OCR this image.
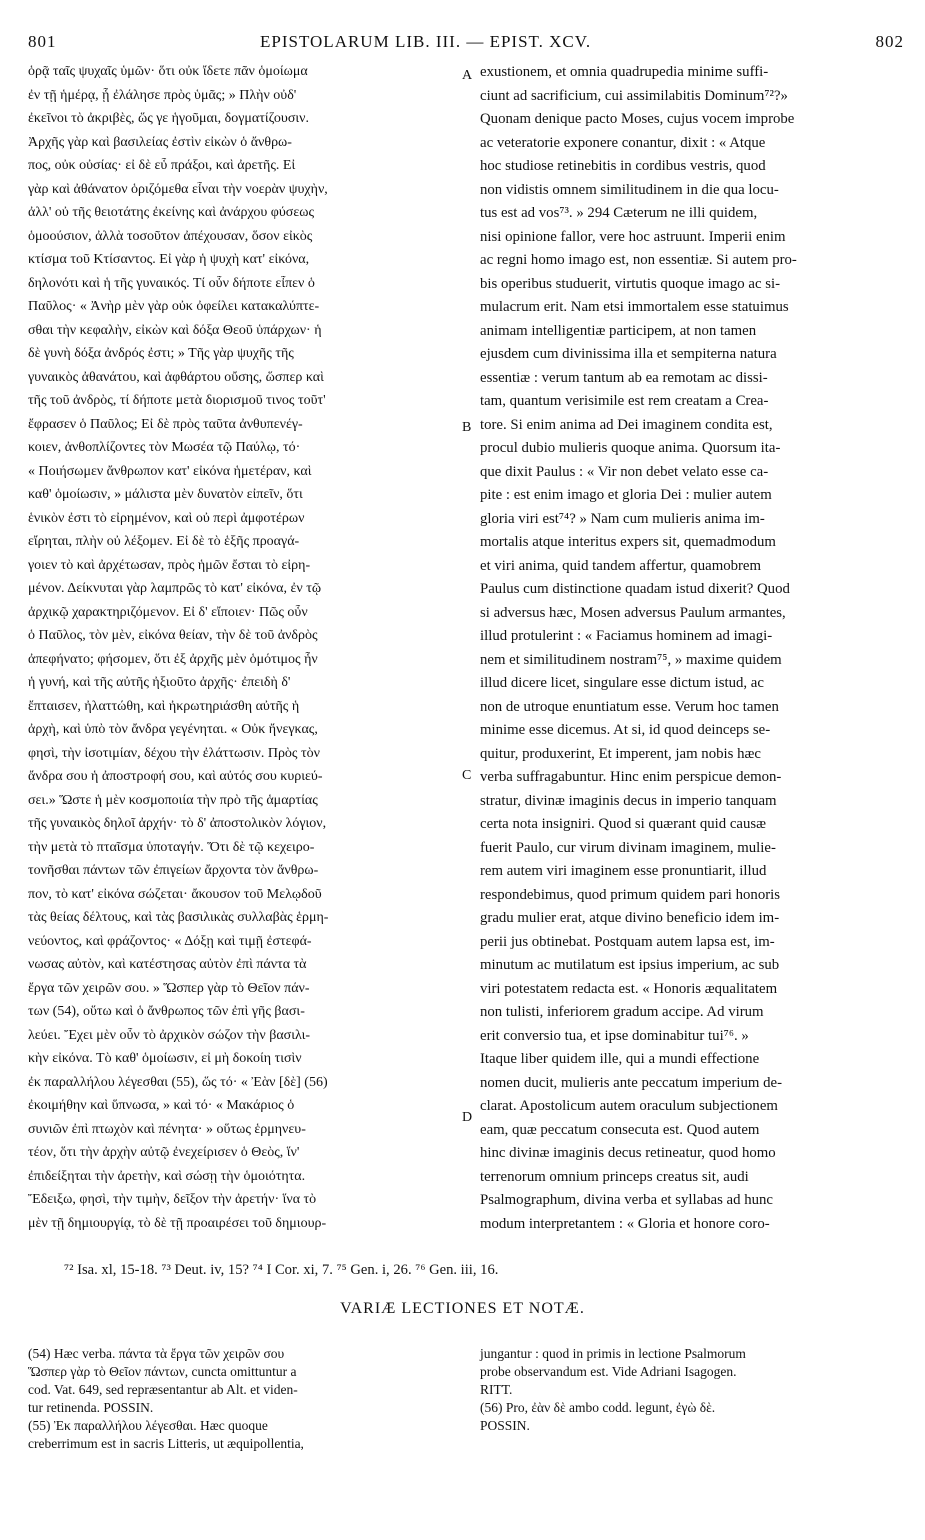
801	EPISTOLARUM LIB. III. — EPIST. XCV.	802
ὁρᾷ ταῖς ψυχαῖς ὑμῶν· ὅτι οὐκ ἴδετε πᾶν ὁμοίωμα
ἐν τῇ ἡμέρᾳ, ᾗ ἐλάλησε πρὸς ὑμᾶς; » Πλὴν οὐδ'
ἐκεῖνοι τὸ ἀκριβὲς, ὥς γε ἡγοῦμαι, δογματίζουσιν.
Ἀρχῆς γὰρ καὶ βασιλείας ἐστὶν εἰκὼν ὁ ἄνθρω-
πος, οὐκ οὐσίας· εἰ δὲ εὖ πράξοι, καὶ ἀρετῆς. Εἰ
γὰρ καὶ ἀθάνατον ὁριζόμεθα εἶναι τὴν νοερὰν ψυχὴν,
ἀλλ' οὐ τῆς θειοτάτης ἐκείνης καὶ ἀνάρχου φύσεως
ὁμοούσιον, ἀλλὰ τοσοῦτον ἀπέχουσαν, ὅσον εἰκὸς
κτίσμα τοῦ Κτίσαντος. Εἰ γὰρ ἡ ψυχὴ κατ' εἰκόνα,
δηλονότι καὶ ἡ τῆς γυναικός. Τί οὖν δήποτε εἶπεν ὁ
Παῦλος· « Ἀνὴρ μὲν γὰρ οὐκ ὀφείλει κατακαλύπτε-
σθαι τὴν κεφαλὴν, εἰκὼν καὶ δόξα Θεοῦ ὑπάρχων· ἡ
δὲ γυνὴ δόξα ἀνδρός ἐστι; » Τῆς γὰρ ψυχῆς τῆς
γυναικὸς ἀθανάτου, καὶ ἀφθάρτου οὔσης, ὥσπερ καὶ
τῆς τοῦ ἀνδρὸς, τί δήποτε μετὰ διορισμοῦ τινος τοῦτ'
ἔφρασεν ὁ Παῦλος; Εἰ δὲ πρὸς ταῦτα ἀνθυπενέγ-
κοιεν, ἀνθοπλίζοντες τὸν Μωσέα τῷ Παύλῳ, τό·
« Ποιήσωμεν ἄνθρωπον κατ' εἰκόνα ἡμετέραν, καὶ
καθ' ὁμοίωσιν, » μάλιστα μὲν δυνατὸν εἰπεῖν, ὅτι
ἑνικὸν ἐστι τὸ εἰρημένον, καὶ οὐ περὶ ἀμφοτέρων
εἴρηται, πλὴν οὐ λέξομεν. Εἰ δὲ τὸ ἑξῆς προαγά-
γοιεν τὸ καὶ ἀρχέτωσαν, πρὸς ἡμῶν ἔσται τὸ εἰρη-
μένον. Δείκνυται γὰρ λαμπρῶς τὸ κατ' εἰκόνα, ἐν τῷ
ἀρχικῷ χαρακτηριζόμενον. Εἰ δ' εἴποιεν· Πῶς οὖν
ὁ Παῦλος, τὸν μὲν, εἰκόνα θείαν, τὴν δὲ τοῦ ἀνδρὸς
ἀπεφήνατο; φήσομεν, ὅτι ἐξ ἀρχῆς μὲν ὁμότιμος ἦν
ἡ γυνή, καὶ τῆς αὐτῆς ἠξιοῦτο ἀρχῆς· ἐπειδὴ δ'
ἔπταισεν, ἠλαττώθη, καὶ ἠκρωτηριάσθη αὐτῆς ἡ
ἀρχὴ, καὶ ὑπὸ τὸν ἄνδρα γεγένηται. « Οὐκ ἤνεγκας,
φησὶ, τὴν ἰσοτιμίαν, δέχου τὴν ἐλάττωσιν. Πρὸς τὸν
ἄνδρα σου ἡ ἀποστροφή σου, καὶ αὐτός σου κυριεύ-
σει.» Ὥστε ἡ μὲν κοσμοποιία τὴν πρὸ τῆς ἁμαρτίας
τῆς γυναικὸς δηλοῖ ἀρχήν· τὸ δ' ἀποστολικὸν λόγιον,
τὴν μετὰ τὸ πταῖσμα ὑποταγήν. Ὅτι δὲ τῷ κεχειρο-
τονῆσθαι πάντων τῶν ἐπιγείων ἄρχοντα τὸν ἄνθρω-
πον, τὸ κατ' εἰκόνα σώζεται· ἄκουσον τοῦ Μελῳδοῦ
τὰς θείας δέλτους, καὶ τὰς βασιλικὰς συλλαβὰς ἑρμη-
νεύοντος, καὶ φράζοντος· « Δόξῃ καὶ τιμῇ ἐστεφά-
νωσας αὐτὸν, καὶ κατέστησας αὐτὸν ἐπὶ πάντα τὰ
ἔργα τῶν χειρῶν σου. » Ὥσπερ γὰρ τὸ Θεῖον πάν-
των (54), οὕτω καὶ ὁ ἄνθρωπος τῶν ἐπὶ γῆς βασι-
λεύει. Ἔχει μὲν οὖν τὸ ἀρχικὸν σώζον τὴν βασιλι-
κὴν εἰκόνα. Τὸ καθ' ὁμοίωσιν, εἰ μὴ δοκοίη τισὶν
ἐκ παραλλήλου λέγεσθαι (55), ὥς τό· « Ἐὰν [δὲ] (56)
ἐκοιμήθην καὶ ὕπνωσα, » καὶ τό· « Μακάριος ὁ
συνιῶν ἐπὶ πτωχὸν καὶ πένητα· » οὕτως ἑρμηνευ-
τέον, ὅτι τὴν ἀρχὴν αὐτῷ ἐνεχείρισεν ὁ Θεὸς, ἵν'
ἐπιδείξηται τὴν ἀρετὴν, καὶ σώσῃ τὴν ὁμοιότητα.
Ἔδειξω, φησὶ, τὴν τιμὴν, δεῖξον τὴν ἀρετήν· ἵνα τὸ
μὲν τῇ δημιουργίᾳ, τὸ δὲ τῇ προαιρέσει τοῦ δημιουρ-
exustionem, et omnia quadrupedia minime suffi-
ciunt ad sacrificium, cui assimilabitis Dominum⁷²?»
Quonam denique pacto Moses, cujus vocem improbe
ac veteratorie exponere conantur, dixit : « Atque
hoc studiose retinebitis in cordibus vestris, quod
non vidistis omnem similitudinem in die qua locu-
tus est ad vos⁷³. » 294 Cæterum ne illi quidem,
nisi opinione fallor, vere hoc astruunt. Imperii enim
ac regni homo imago est, non essentiæ. Si autem pro-
bis operibus studuerit, virtutis quoque imago ac si-
mulacrum erit. Nam etsi immortalem esse statuimus
animam intelligentiæ participem, at non tamen
ejusdem cum divinissima illa et sempiterna natura
essentiæ : verum tantum ab ea remotam ac dissi-
tam, quantum verisimile est rem creatam a Crea-
tore. Si enim anima ad Dei imaginem condita est,
procul dubio mulieris quoque anima. Quorsum ita-
que dixit Paulus : « Vir non debet velato esse ca-
pite : est enim imago et gloria Dei : mulier autem
gloria viri est⁷⁴? » Nam cum mulieris anima im-
mortalis atque interitus expers sit, quemadmodum
et viri anima, quid tandem affertur, quamobrem
Paulus cum distinctione quadam istud dixerit? Quod
si adversus hæc, Mosen adversus Paulum armantes,
illud protulerint : « Faciamus hominem ad imagi-
nem et similitudinem nostram⁷⁵, » maxime quidem
illud dicere licet, singulare esse dictum istud, ac
non de utroque enuntiatum esse. Verum hoc tamen
minime esse dicemus. At si, id quod deinceps se-
quitur, produxerint, Et imperent, jam nobis hæc
verba suffragabuntur. Hinc enim perspicue demon-
stratur, divinæ imaginis decus in imperio tanquam
certa nota insigniri. Quod si quærant quid causæ
fuerit Paulo, cur virum divinam imaginem, mulie-
rem autem viri imaginem esse pronuntiarit, illud
respondebimus, quod primum quidem pari honoris
gradu mulier erat, atque divino beneficio idem im-
perii jus obtinebat. Postquam autem lapsa est, im-
minutum ac mutilatum est ipsius imperium, ac sub
viri potestatem redacta est. « Honoris æqualitatem
non tulisti, inferiorem gradum accipe. Ad virum
erit conversio tua, et ipse dominabitur tui⁷⁶. »
Itaque liber quidem ille, qui a mundi effectione
nomen ducit, mulieris ante peccatum imperium de-
clarat. Apostolicum autem oraculum subjectionem
eam, quæ peccatum consecuta est. Quod autem
hinc divinæ imaginis decus retineatur, quod homo
terrenorum omnium princeps creatus sit, audi
Psalmographum, divina verba et syllabas ad hunc
modum interpretantem : « Gloria et honore coro-
A
B
C
D
⁷² Isa. xl, 15-18. ⁷³ Deut. iv, 15? ⁷⁴ I Cor. xi, 7. ⁷⁵ Gen. i, 26. ⁷⁶ Gen. iii, 16.
VARIÆ LECTIONES ET NOTÆ.
(54) Hæc verba. πάντα τὰ ἔργα τῶν χειρῶν σου
Ὥσπερ γὰρ τὸ Θεῖον πάντων, cuncta omittuntur a
cod. Vat. 649, sed repræsentantur ab Alt. et viden-
tur retinenda. POSSIN.
(55) Ἐκ παραλλήλου λέγεσθαι. Hæc quoque
creberrimum est in sacris Litteris, ut æquipollentia,
jungantur : quod in primis in lectione Psalmorum
probe observandum est. Vide Adriani Isagogen.
RITT.
(56) Pro, ἐὰν δὲ ambo codd. legunt, ἐγὼ δὲ.
POSSIN.
